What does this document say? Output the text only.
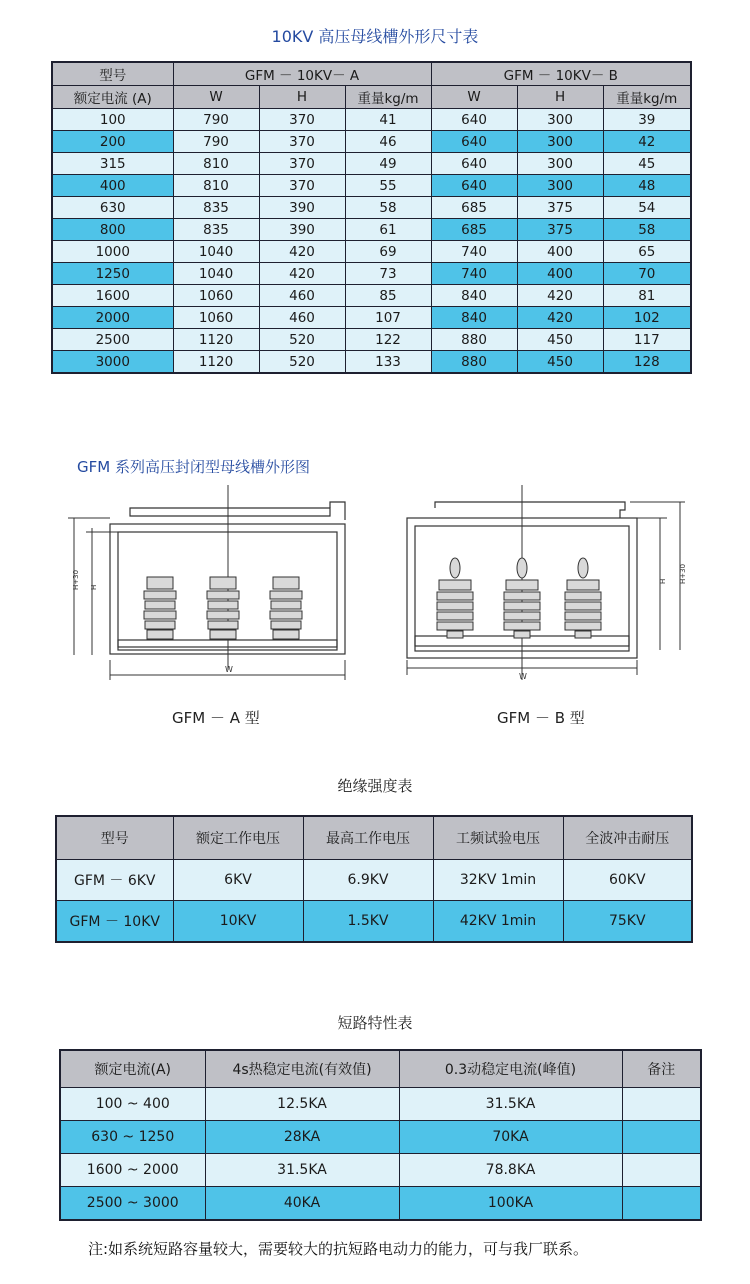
10KV 高压母线槽外形尺寸表
型号	GFM － 10KV－ A			GFM － 10KV－ B		
额定电流 (A)	W	H	重量kg/m	W	H	重量kg/m
100	790	370	41	640	300	39
200	790	370	46	640	300	42
315	810	370	49	640	300	45
400	810	370	55	640	300	48
630	835	390	58	685	375	54
800	835	390	61	685	375	58
1000	1040	420	69	740	400	65
1250	1040	420	73	740	400	70
1600	1060	460	85	840	420	81
2000	1060	460	107	840	420	102
2500	1120	520	122	880	450	117
3000	1120	520	133	880	450	128
GFM 系列高压封闭型母线槽外形图
H+30 H
W
H H+30
W
GFM － A 型	GFM － B 型
绝缘强度表
型号	额定工作电压	最高工作电压	工频试验电压	全波冲击耐压
GFM － 6KV	6KV	6.9KV	32KV 1min	60KV
GFM － 10KV	10KV	1.5KV	42KV 1min	75KV
短路特性表
额定电流(A)	4s热稳定电流(有效值)	0.3动稳定电流(峰值)	备注
100 ~ 400	12.5KA	31.5KA	
630 ~ 1250	28KA	70KA	
1600 ~ 2000	31.5KA	78.8KA	
2500 ~ 3000	40KA	100KA	
注:如系统短路容量较大，需要较大的抗短路电动力的能力，可与我厂联系。
